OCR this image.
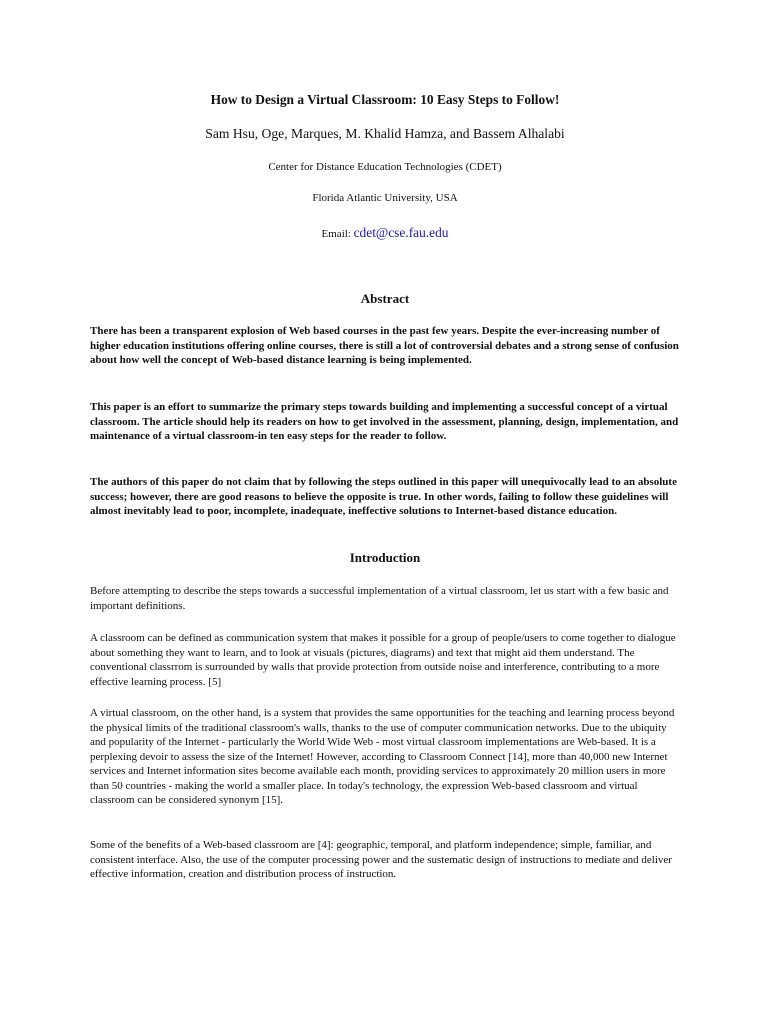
How to Design a Virtual Classroom: 10 Easy Steps to Follow!
Sam Hsu, Oge, Marques, M. Khalid Hamza, and Bassem Alhalabi
Center for Distance Education Technologies (CDET)
Florida Atlantic University, USA
Email: cdet@cse.fau.edu
Abstract

There has been a transparent explosion of Web based courses in the past few years. Despite the ever-increasing number of higher education institutions offering online courses, there is still a lot of controversial debates and a strong sense of confusion about how well the concept of Web-based distance learning is being implemented.

This paper is an effort to summarize the primary steps towards building and implementing a successful concept of a virtual classroom. The article should help its readers on how to get involved in the assessment, planning, design, implementation, and maintenance of a virtual classroom-in ten easy steps for the reader to follow.

The authors of this paper do not claim that by following the steps outlined in this paper will unequivocally lead to an absolute success; however, there are good reasons to believe the opposite is true. In other words, failing to follow these guidelines will almost inevitably lead to poor, incomplete, inadequate, ineffective solutions to Internet-based distance education.

Introduction

Before attempting to describe the steps towards a successful implementation of a virtual classroom, let us start with a few basic and important definitions.

A classroom can be defined as communication system that makes it possible for a group of people/users to come together to dialogue about something they want to learn, and to look at visuals (pictures, diagrams) and text that might aid them understand. The conventional classrrom is surrounded by walls that provide protection from outside noise and interference, contributing to a more effective learning process. [5]

A virtual classroom, on the other hand, is a system that provides the same opportunities for the teaching and learning process beyond the physical limits of the traditional classroom's walls, thanks to the use of computer communication networks. Due to the ubiquity and popularity of the Internet - particularly the World Wide Web - most virtual classroom implementations are Web-based. It is a perplexing devoir to assess the size of the Internet! However, according to Classroom Connect [14], more than 40,000 new Internet services and Internet information sites become available each month, providing services to approximately 20 million users in more than 50 countries - making the world a smaller place. In today's technology, the expression Web-based classroom and virtual classroom can be considered synonym [15].

Some of the benefits of a Web-based classroom are [4]: geographic, temporal, and platform independence; simple, familiar, and consistent interface. Also, the use of the computer processing power and the sustematic design of instructions to mediate and deliver effective information, creation and distribution process of instruction.
